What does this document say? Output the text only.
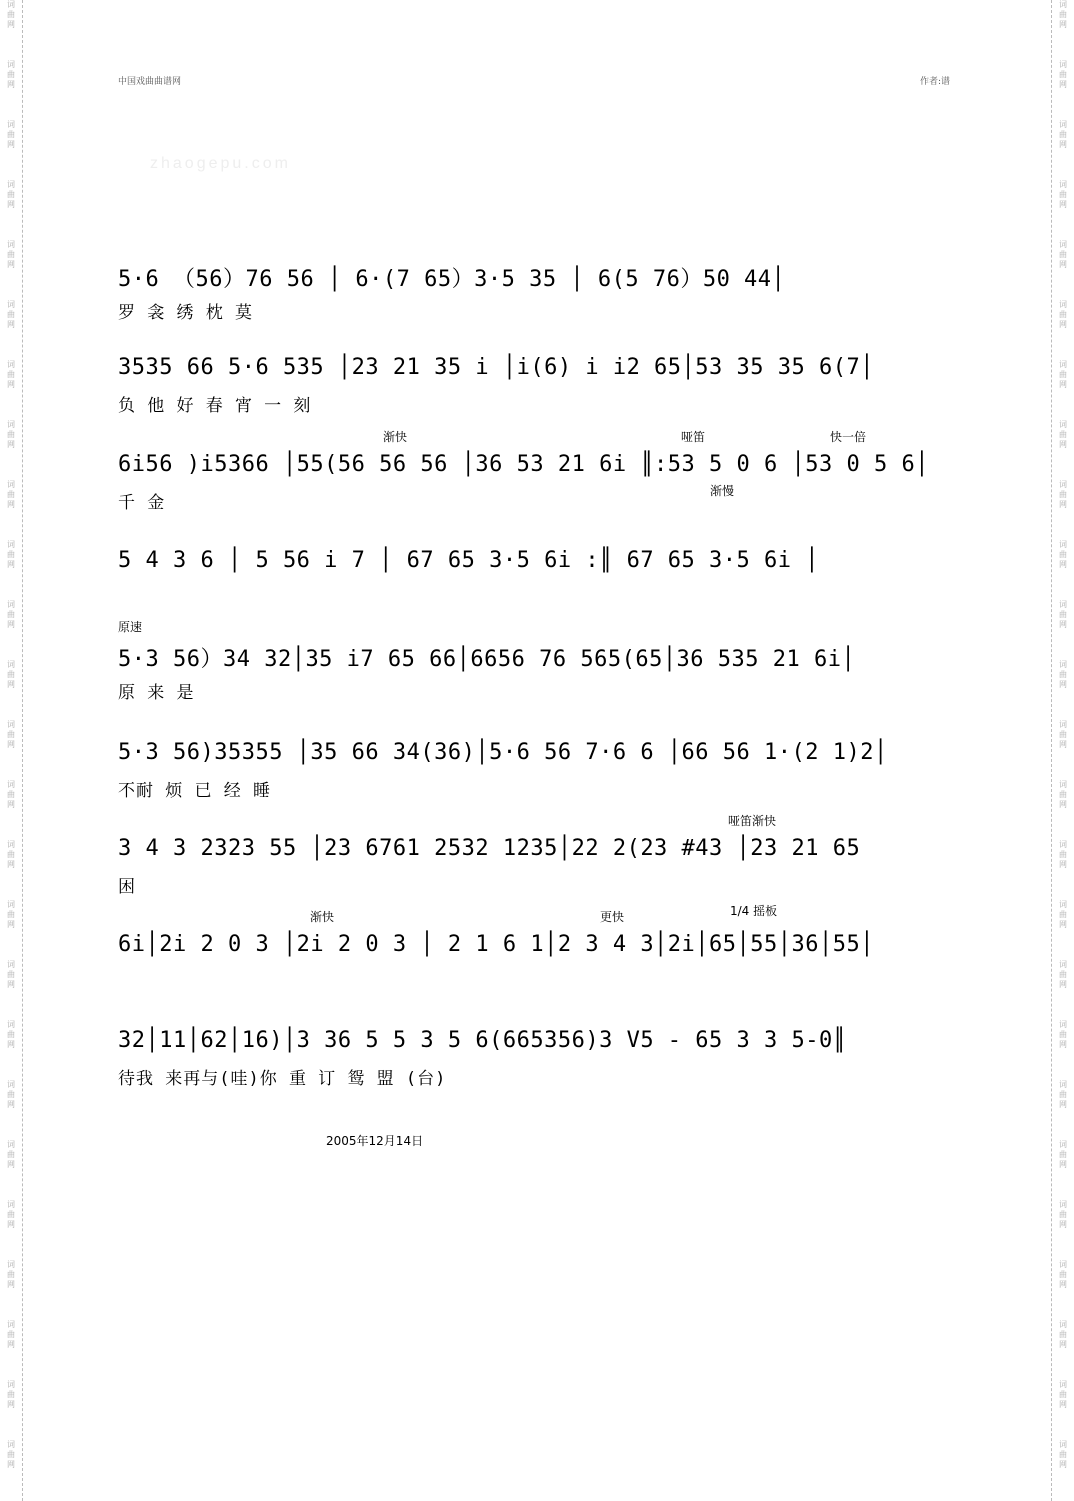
词
曲
网
词
曲
网
词
曲
网
词
曲
网
词
曲
网
词
曲
网
词
曲
网
词
曲
网
词
曲
网
词
曲
网
词
曲
网
词
曲
网
词
曲
网
词
曲
网
词
曲
网
词
曲
网
词
曲
网
词
曲
网
词
曲
网
词
曲
网
词
曲
网
词
曲
网
词
曲
网
词
曲
网
词
曲
网
词
曲
网
词
曲
网
词
曲
网
词
曲
网
词
曲
网
词
曲
网
词
曲
网
词
曲
网
词
曲
网
词
曲
网
词
曲
网
词
曲
网
词
曲
网
词
曲
网
词
曲
网
词
曲
网
词
曲
网
词
曲
网
词
曲
网
词
曲
网
词
曲
网
词
曲
网
词
曲
网
词
曲
网
词
曲
网
中国戏曲曲谱网	作者:谱
zhaogepu.com
5·6 （56）76 56 │ 6·(7 65）3·5 35 │ 6(5 76）50 44│
罗 衾 绣 枕 莫
3535 66 5·6 535 │23 21 35 i │i(6) i i2 65│53 35 35 6(7│
负 他 好 春 宵 一 刻
6i56 )i5366 │55(56 56 56 │36 53 21 6i ║:53 5 0 6 │53 0 5 6│
千 金
渐快	哑笛	快一倍
渐慢
5 4 3 6 │ 5 56 i 7 │ 67 65 3·5 6i :║ 67 65 3·5 6i │
5·3 56）34 32│35 i7 65 66│6656 76 565(65│36 535 21 6i│
原 来 是
原速
5·3 56)35355 │35 66 34(36)│5·6 56 7·6 6 │66 56 1·(2 1)2│
不耐 烦 已 经 睡
3 4 3 2323 55 │23 6761 2532 1235│22 2(23 #43 │23 21 65
困
哑笛渐快
6i│2i 2 0 3 │2i 2 0 3 │ 2 1 6 1│2 3 4 3│2i│65│55│36│55│
渐快	更快	1/4 摇板
32│11│62│16)│3 36 5 5 3 5 6(665356)3 V5 - 65 3 3 5-0║
待我 来再与(哇)你 重 订 鸳 盟 (台)
2005年12月14日
